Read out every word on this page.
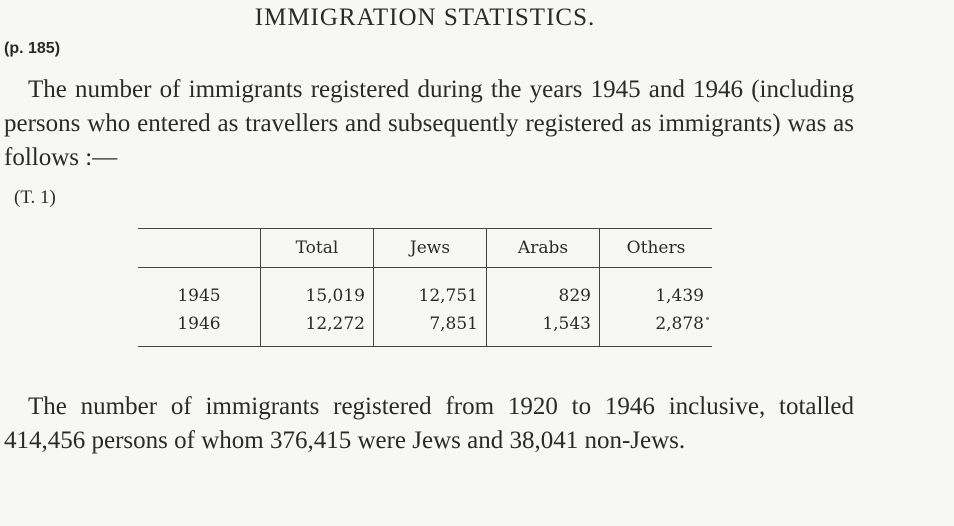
IMMIGRATION STATISTICS.
(p. 185)

The number of immigrants registered during the years 1945 and 1946 (including persons who entered as travellers and subsequently registered as immigrants) was as follows :—

(T. 1)
	Total	Jews	Arabs	Others
1945	15,019	12,751	829	1,439
1946	12,272	7,851	1,543	2,878

The number of immigrants registered from 1920 to 1946 inclusive, totalled 414,456 persons of whom 376,415 were Jews and 38,041 non-Jews.
